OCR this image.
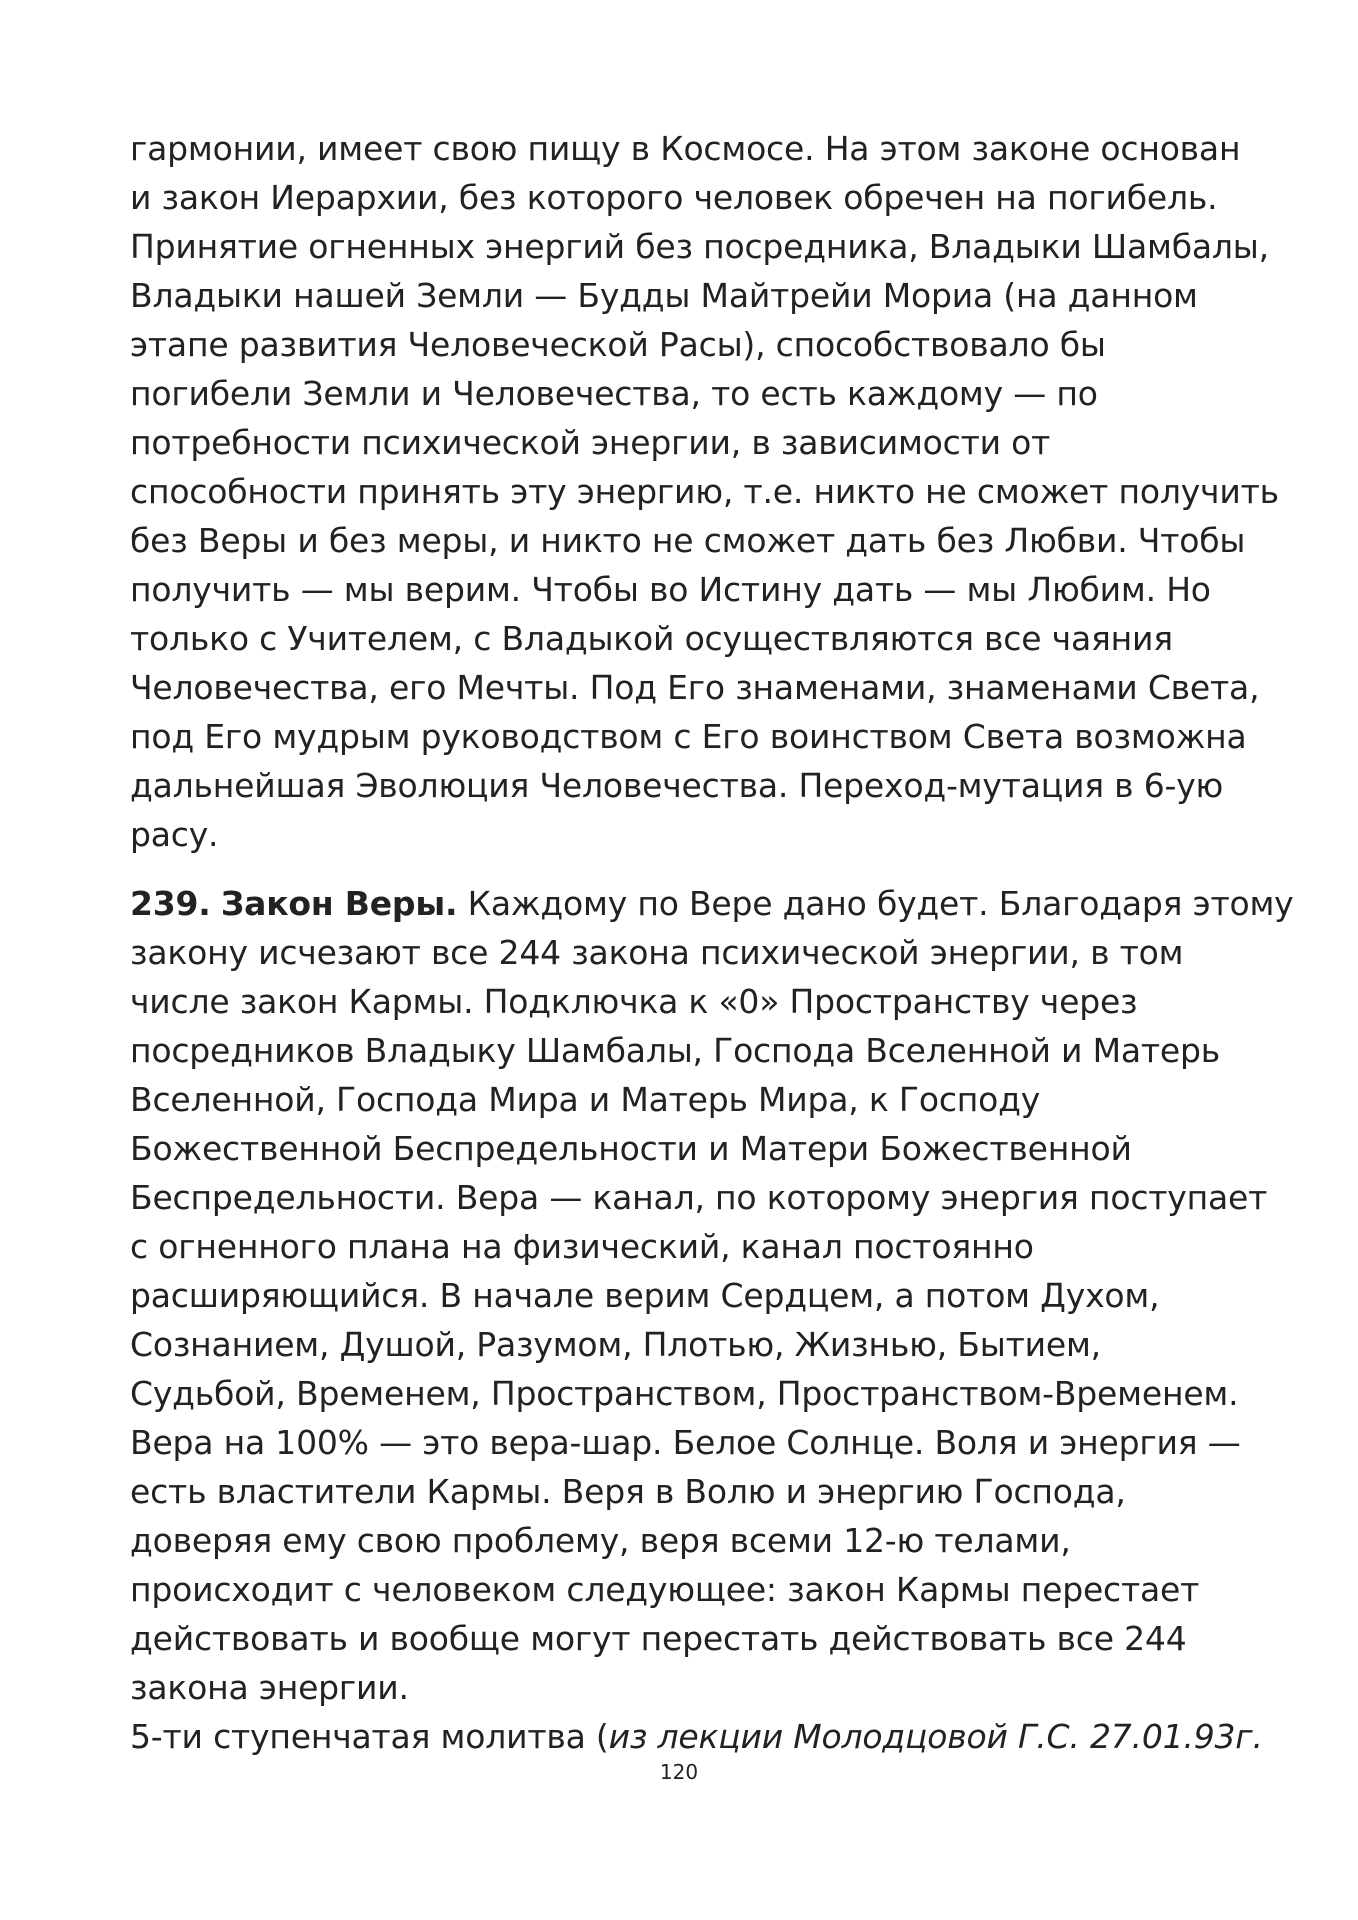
гармонии, имеет свою пищу в Космосе. На этом законе основан
и закон Иерархии, без которого человек обречен на погибель.
Принятие огненных энергий без посредника, Владыки Шамбалы,
Владыки нашей Земли — Будды Майтрейи Мориа (на данном
этапе развития Человеческой Расы), способствовало бы
погибели Земли и Человечества, то есть каждому — по
потребности психической энергии, в зависимости от
способности принять эту энергию, т.е. никто не сможет получить
без Веры и без меры, и никто не сможет дать без Любви. Чтобы
получить — мы верим. Чтобы во Истину дать — мы Любим. Но
только с Учителем, с Владыкой осуществляются все чаяния
Человечества, его Мечты. Под Его знаменами, знаменами Света,
под Его мудрым руководством с Его воинством Света возможна
дальнейшая Эволюция Человечества. Переход-мутация в 6-ую
расу.
239. Закон Веры. Каждому по Вере дано будет. Благодаря этому
закону исчезают все 244 закона психической энергии, в том
числе закон Кармы. Подключка к «0» Пространству через
посредников Владыку Шамбалы, Господа Вселенной и Матерь
Вселенной, Господа Мира и Матерь Мира, к Господу
Божественной Беспредельности и Матери Божественной
Беспредельности. Вера — канал, по которому энергия поступает
с огненного плана на физический, канал постоянно
расширяющийся. В начале верим Сердцем, а потом Духом,
Сознанием, Душой, Разумом, Плотью, Жизнью, Бытием,
Судьбой, Временем, Пространством, Пространством-Временем.
Вера на 100% — это вера-шар. Белое Солнце. Воля и энергия —
есть властители Кармы. Веря в Волю и энергию Господа,
доверяя ему свою проблему, веря всеми 12-ю телами,
происходит с человеком следующее: закон Кармы перестает
действовать и вообще могут перестать действовать все 244
закона энергии.
5-ти ступенчатая молитва (из лекции Молодцовой Г.С. 27.01.93г.
120
